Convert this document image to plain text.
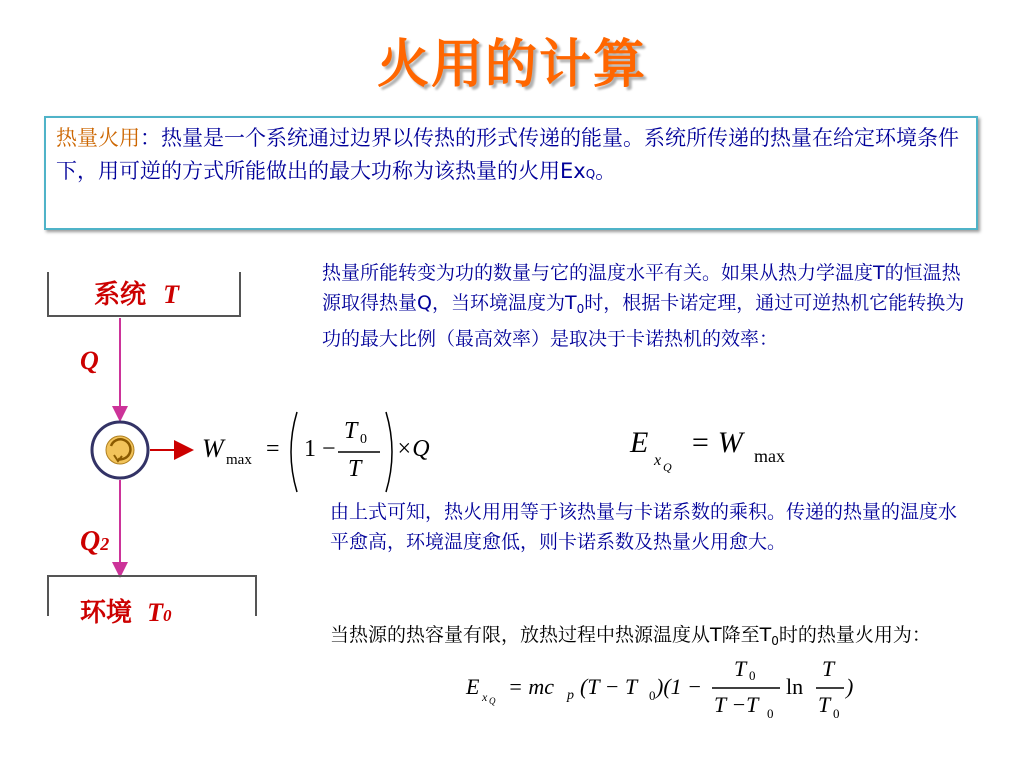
火用的计算
热量火用：热量是一个系统通过边界以传热的形式传递的能量。系统所传递的热量在给定环境条件下，用可逆的方式所能做出的最大功称为该热量的火用ExQ。
系统 T
Q
Q2
环境 T0
热量所能转变为功的数量与它的温度水平有关。如果从热力学温度T的恒温热源取得热量Q，当环境温度为$T_0$时，根据卡诺定理，通过可逆热机它能转换为功的最大比例（最高效率）是取决于卡诺热机的效率：
W max = 1 −
T 0
T
×Q	E
x Q
= W max
由上式可知，热火用用等于该热量与卡诺系数的乘积。传递的热量的温度水平愈高，环境温度愈低，则卡诺系数及热量火用愈大。
当热源的热容量有限，放热过程中热源温度从T降至$T_0$时的热量火用为：
E x Q
= mc p (T − T 0 )(1 −
T 0
T −T 0
ln
T
T 0
)
